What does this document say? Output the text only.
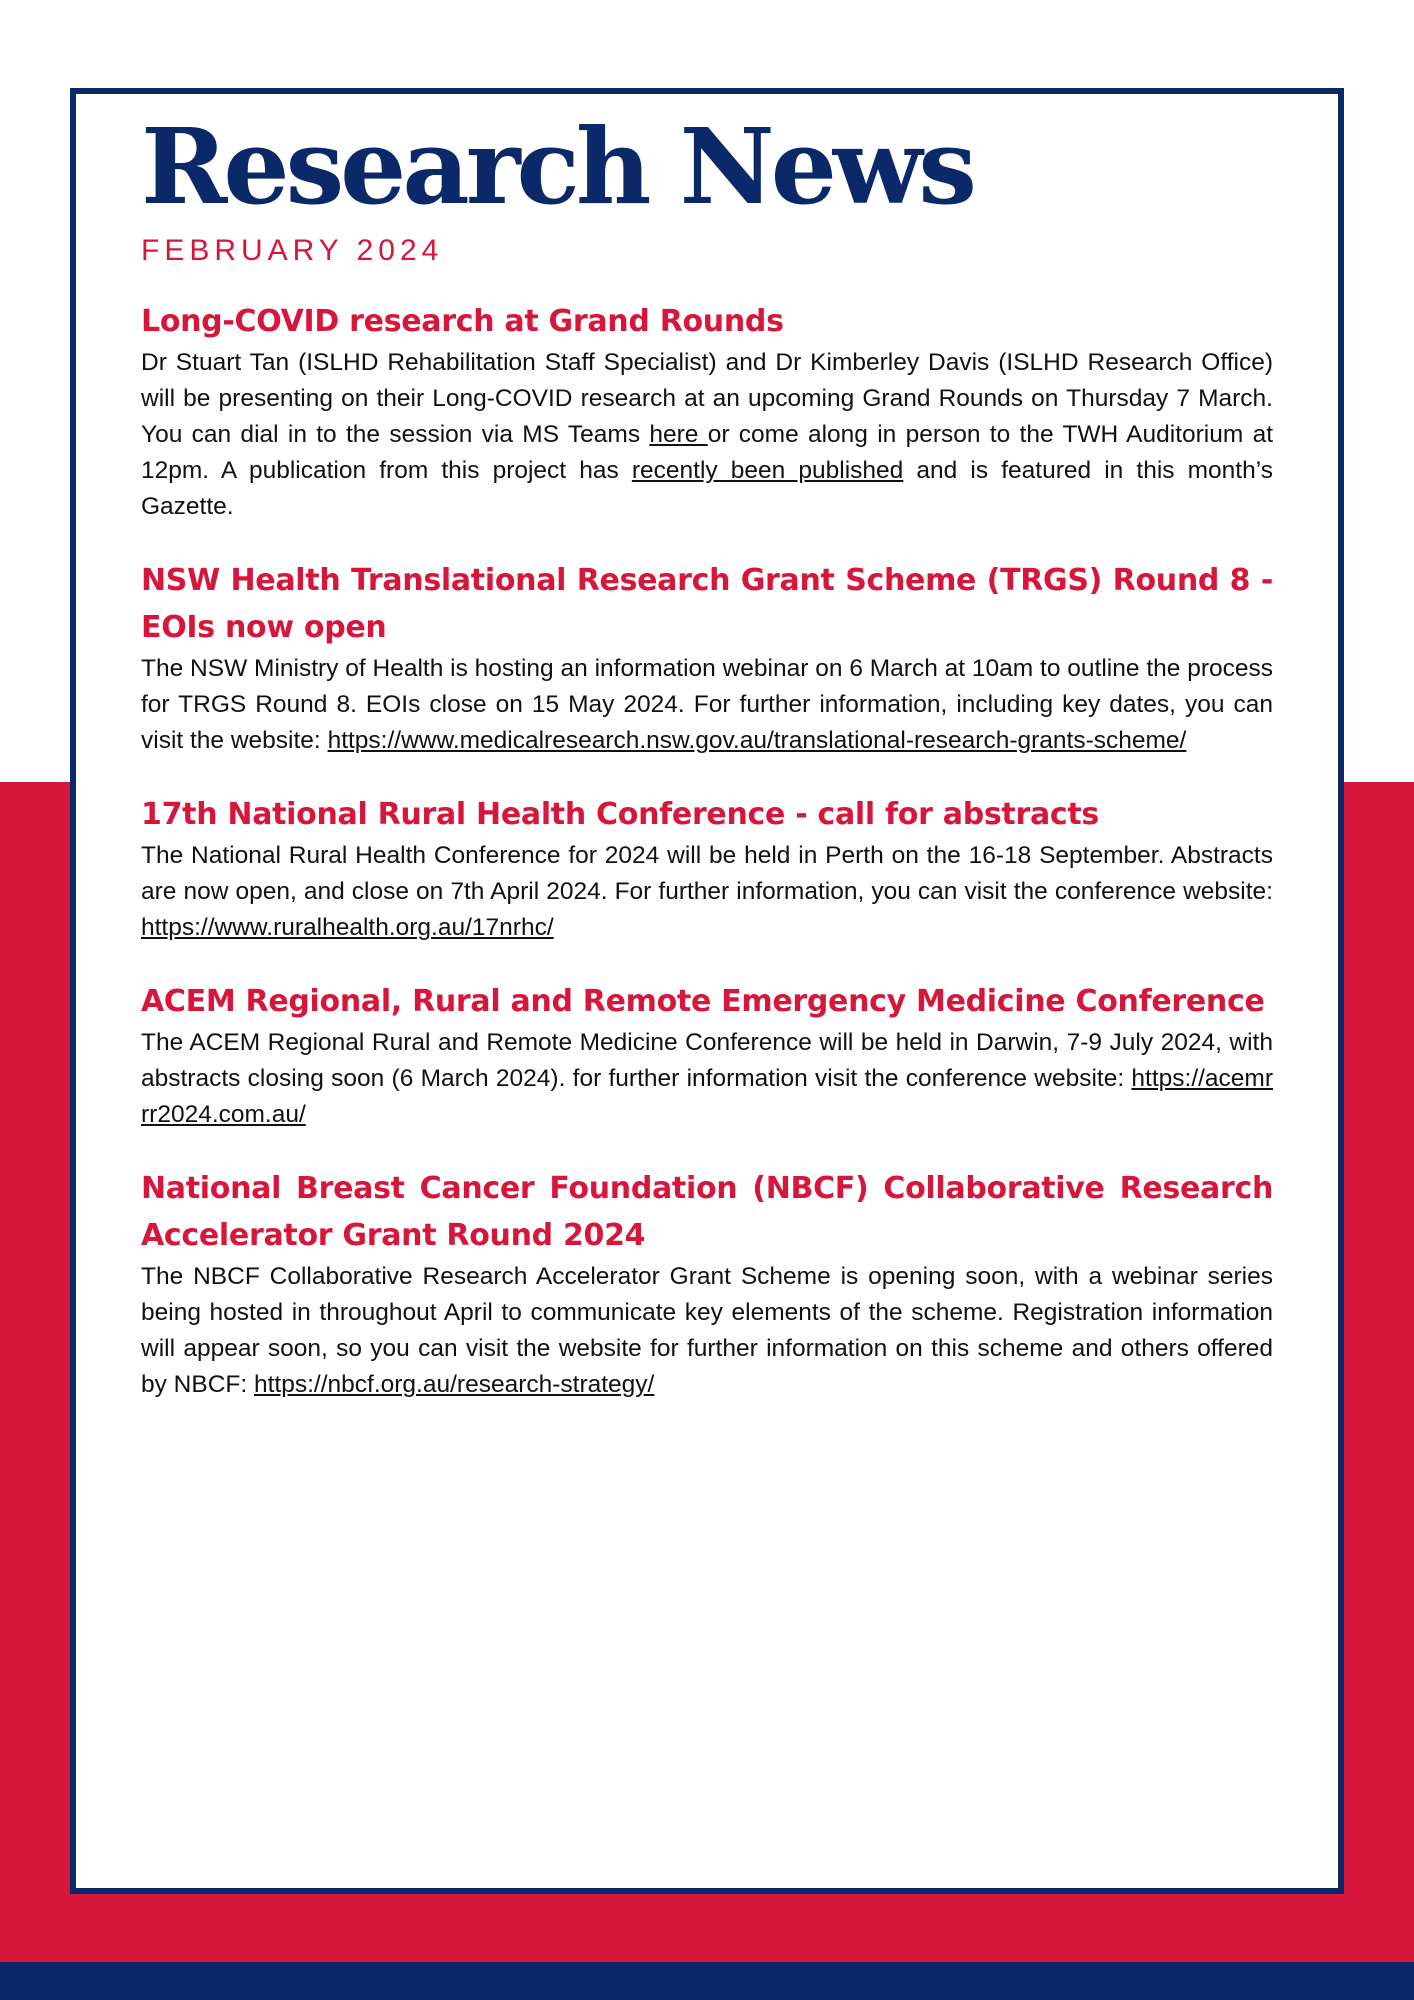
Research News
FEBRUARY 2024
Long-COVID research at Grand Rounds

Dr Stuart Tan (ISLHD Rehabilitation Staff Specialist) and Dr Kimberley Davis (ISLHD Research Office) will be presenting on their Long-COVID research at an upcoming Grand Rounds on Thursday 7 March. You can dial in to the session via MS Teams here or come along in person to the TWH Auditorium at 12pm. A publication from this project has recently been published and is featured in this month’s Gazette.

NSW Health Translational Research Grant Scheme (TRGS) Round 8 - EOIs now open

The NSW Ministry of Health is hosting an information webinar on 6 March at 10am to outline the process for TRGS Round 8. EOIs close on 15 May 2024. For further information, including key dates, you can visit the website: https://www.medicalresearch.nsw.gov.au/translational-research-grants-scheme/

17th National Rural Health Conference - call for abstracts

The National Rural Health Conference for 2024 will be held in Perth on the 16-18 September. Abstracts are now open, and close on 7th April 2024. For further information, you can visit the conference website: https://www.ruralhealth.org.au/17nrhc/

ACEM Regional, Rural and Remote Emergency Medicine Conference

The ACEM Regional Rural and Remote Medicine Conference will be held in Darwin, 7-9 July 2024, with abstracts closing soon (6 March 2024). for further information visit the conference website: https://acemrrr2024.com.au/

National Breast Cancer Foundation (NBCF) Collaborative Research Accelerator Grant Round 2024

The NBCF Collaborative Research Accelerator Grant Scheme is opening soon, with a webinar series being hosted in throughout April to communicate key elements of the scheme. Registration information will appear soon, so you can visit the website for further information on this scheme and others offered by NBCF: https://nbcf.org.au/research-strategy/
